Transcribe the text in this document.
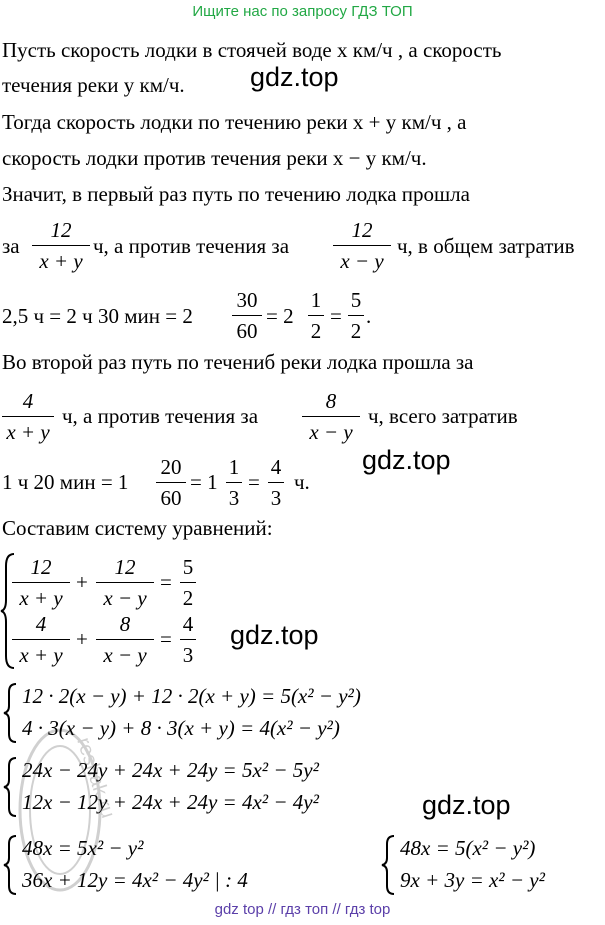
Ищите нас по запросу ГДЗ ТОП
Пусть скорость лодки в стоячей воде x км/ч , а скорость
течения реки y км/ч. gdz.top
Тогда скорость лодки по течению реки x + y км/ч , а
скорость лодки против течения реки x − y км/ч.
Значит, в первый раз путь по течению лодка прошла
за
12
x + y
ч, а против течения за
12
x − y
ч, в общем затратив
2,5 ч = 2 ч 30 мин = 2
30
60
= 2
1
2
=
5
2
.
Во второй раз путь по течениб реки лодка прошла за
4
x + y
ч, а против течения за
8
x − y
ч, всего затратив
gdz.top
1 ч 20 мин = 1
20
60
= 1
1
3
=
4
3
ч.
Составим систему уравнений:
12
x + y
+
12
x − y
=
5
2
4
x + y
+
8
x − y
=
4
3
gdz.top
12 · 2(x − y) + 12 · 2(x + y) = 5(x² − y²)
4 · 3(x − y) + 8 · 3(x + y) = 4(x² − y²)
24x − 24y + 24x + 24y = 5x² − 5y²
12x − 12y + 24x + 24y = 4x² − 4y²	gdz.top
48x = 5x² − y²
36x + 12y = 4x² − 4y² | : 4
48x = 5(x² − y²)
9x + 3y = x² − y²
reshak.ru
gdz top // гдз топ // гдз top
